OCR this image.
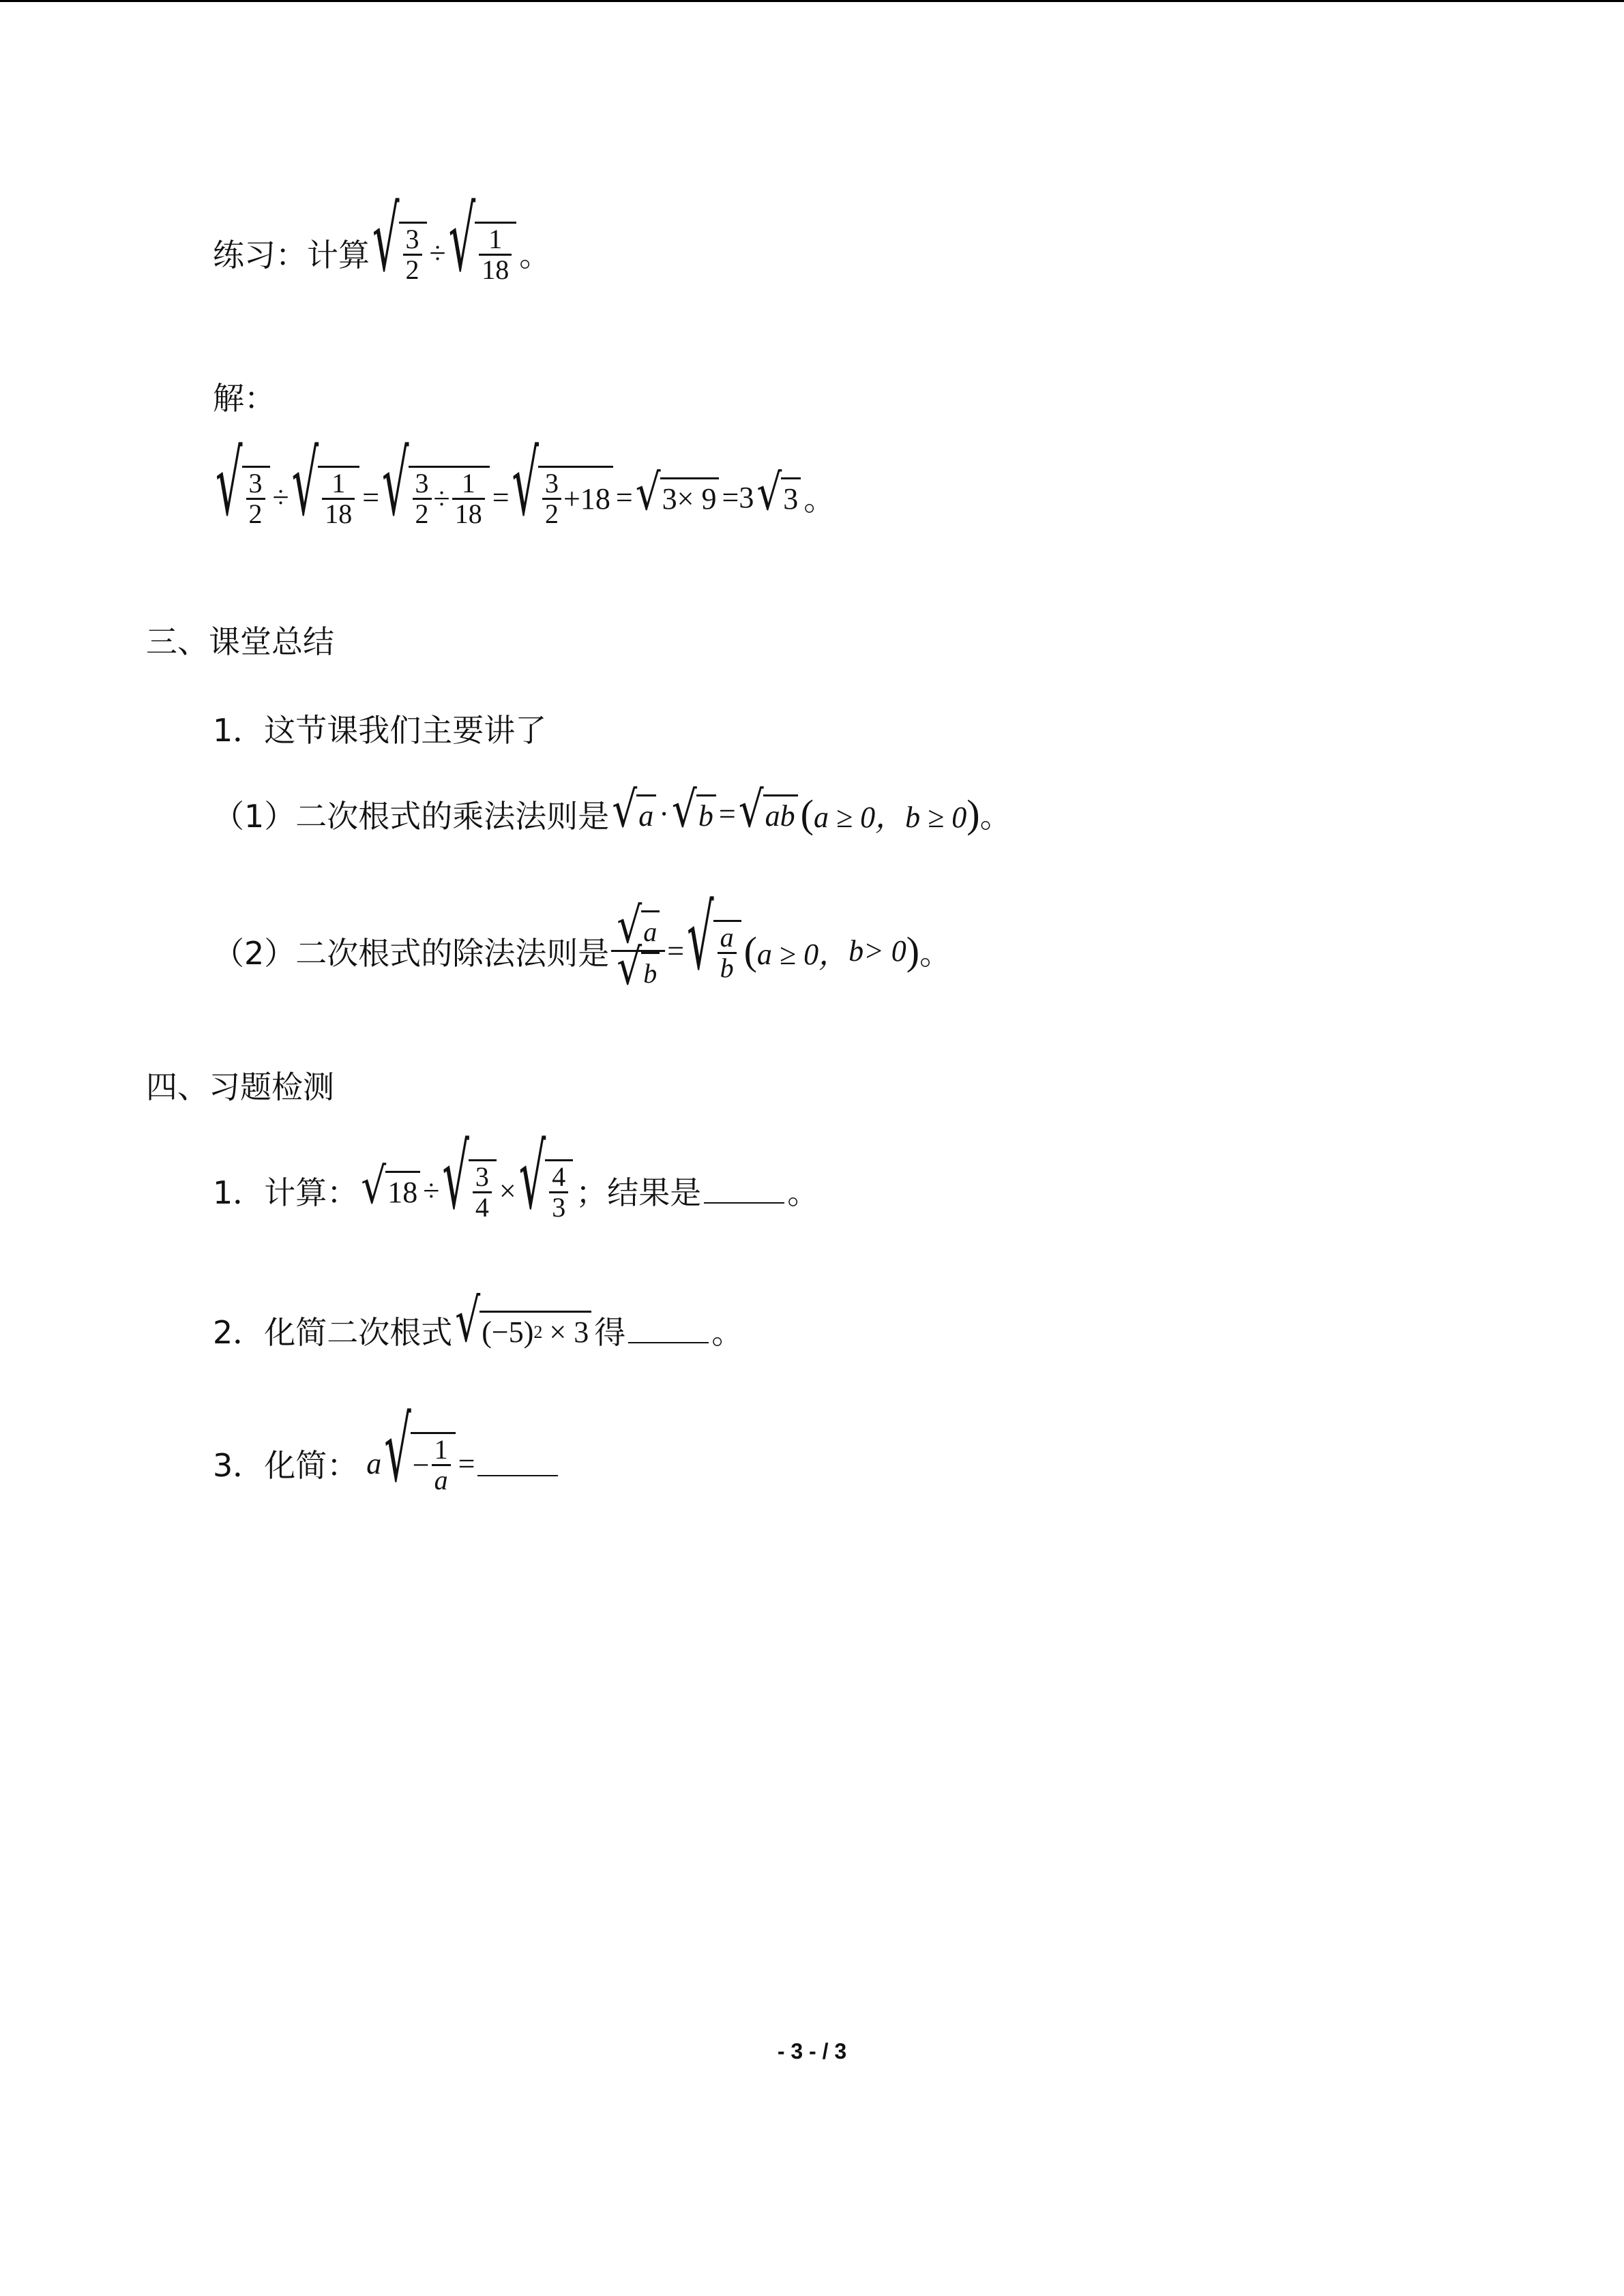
练习：计算 √ $\frac{3}{2}$ ÷ √ $\frac{1}{18}$ 。
解：
√ $\frac{3}{2}$ ÷ √ $\frac{1}{18}$ = √ $\frac{3}{2} \div \frac{1}{18}$ = √ $\frac{3}{2} +18$ = √ 3× 9 = 3 √ 3 。
三、课堂总结
1．这节课我们主要讲了
（1）二次根式的乘法法则是 √ a · √ b = √ ab ( a ≥ 0，b ≥ 0 ) 。
（2）二次根式的除法法则是 $\frac{√ a}{√ b}$ = √ $\frac{a}{b}$ ( a ≥ 0， b> 0 ) 。
四、习题检测
1．计算： √ 18 ÷ √ $\frac{3}{4}$ × √ $\frac{4}{3}$ ；结果是	。
2．化简二次根式 √ (−5) 2 × 3 得	。
3．化简： a √ − $\frac{1}{a}$ =
- 3 - / 3
